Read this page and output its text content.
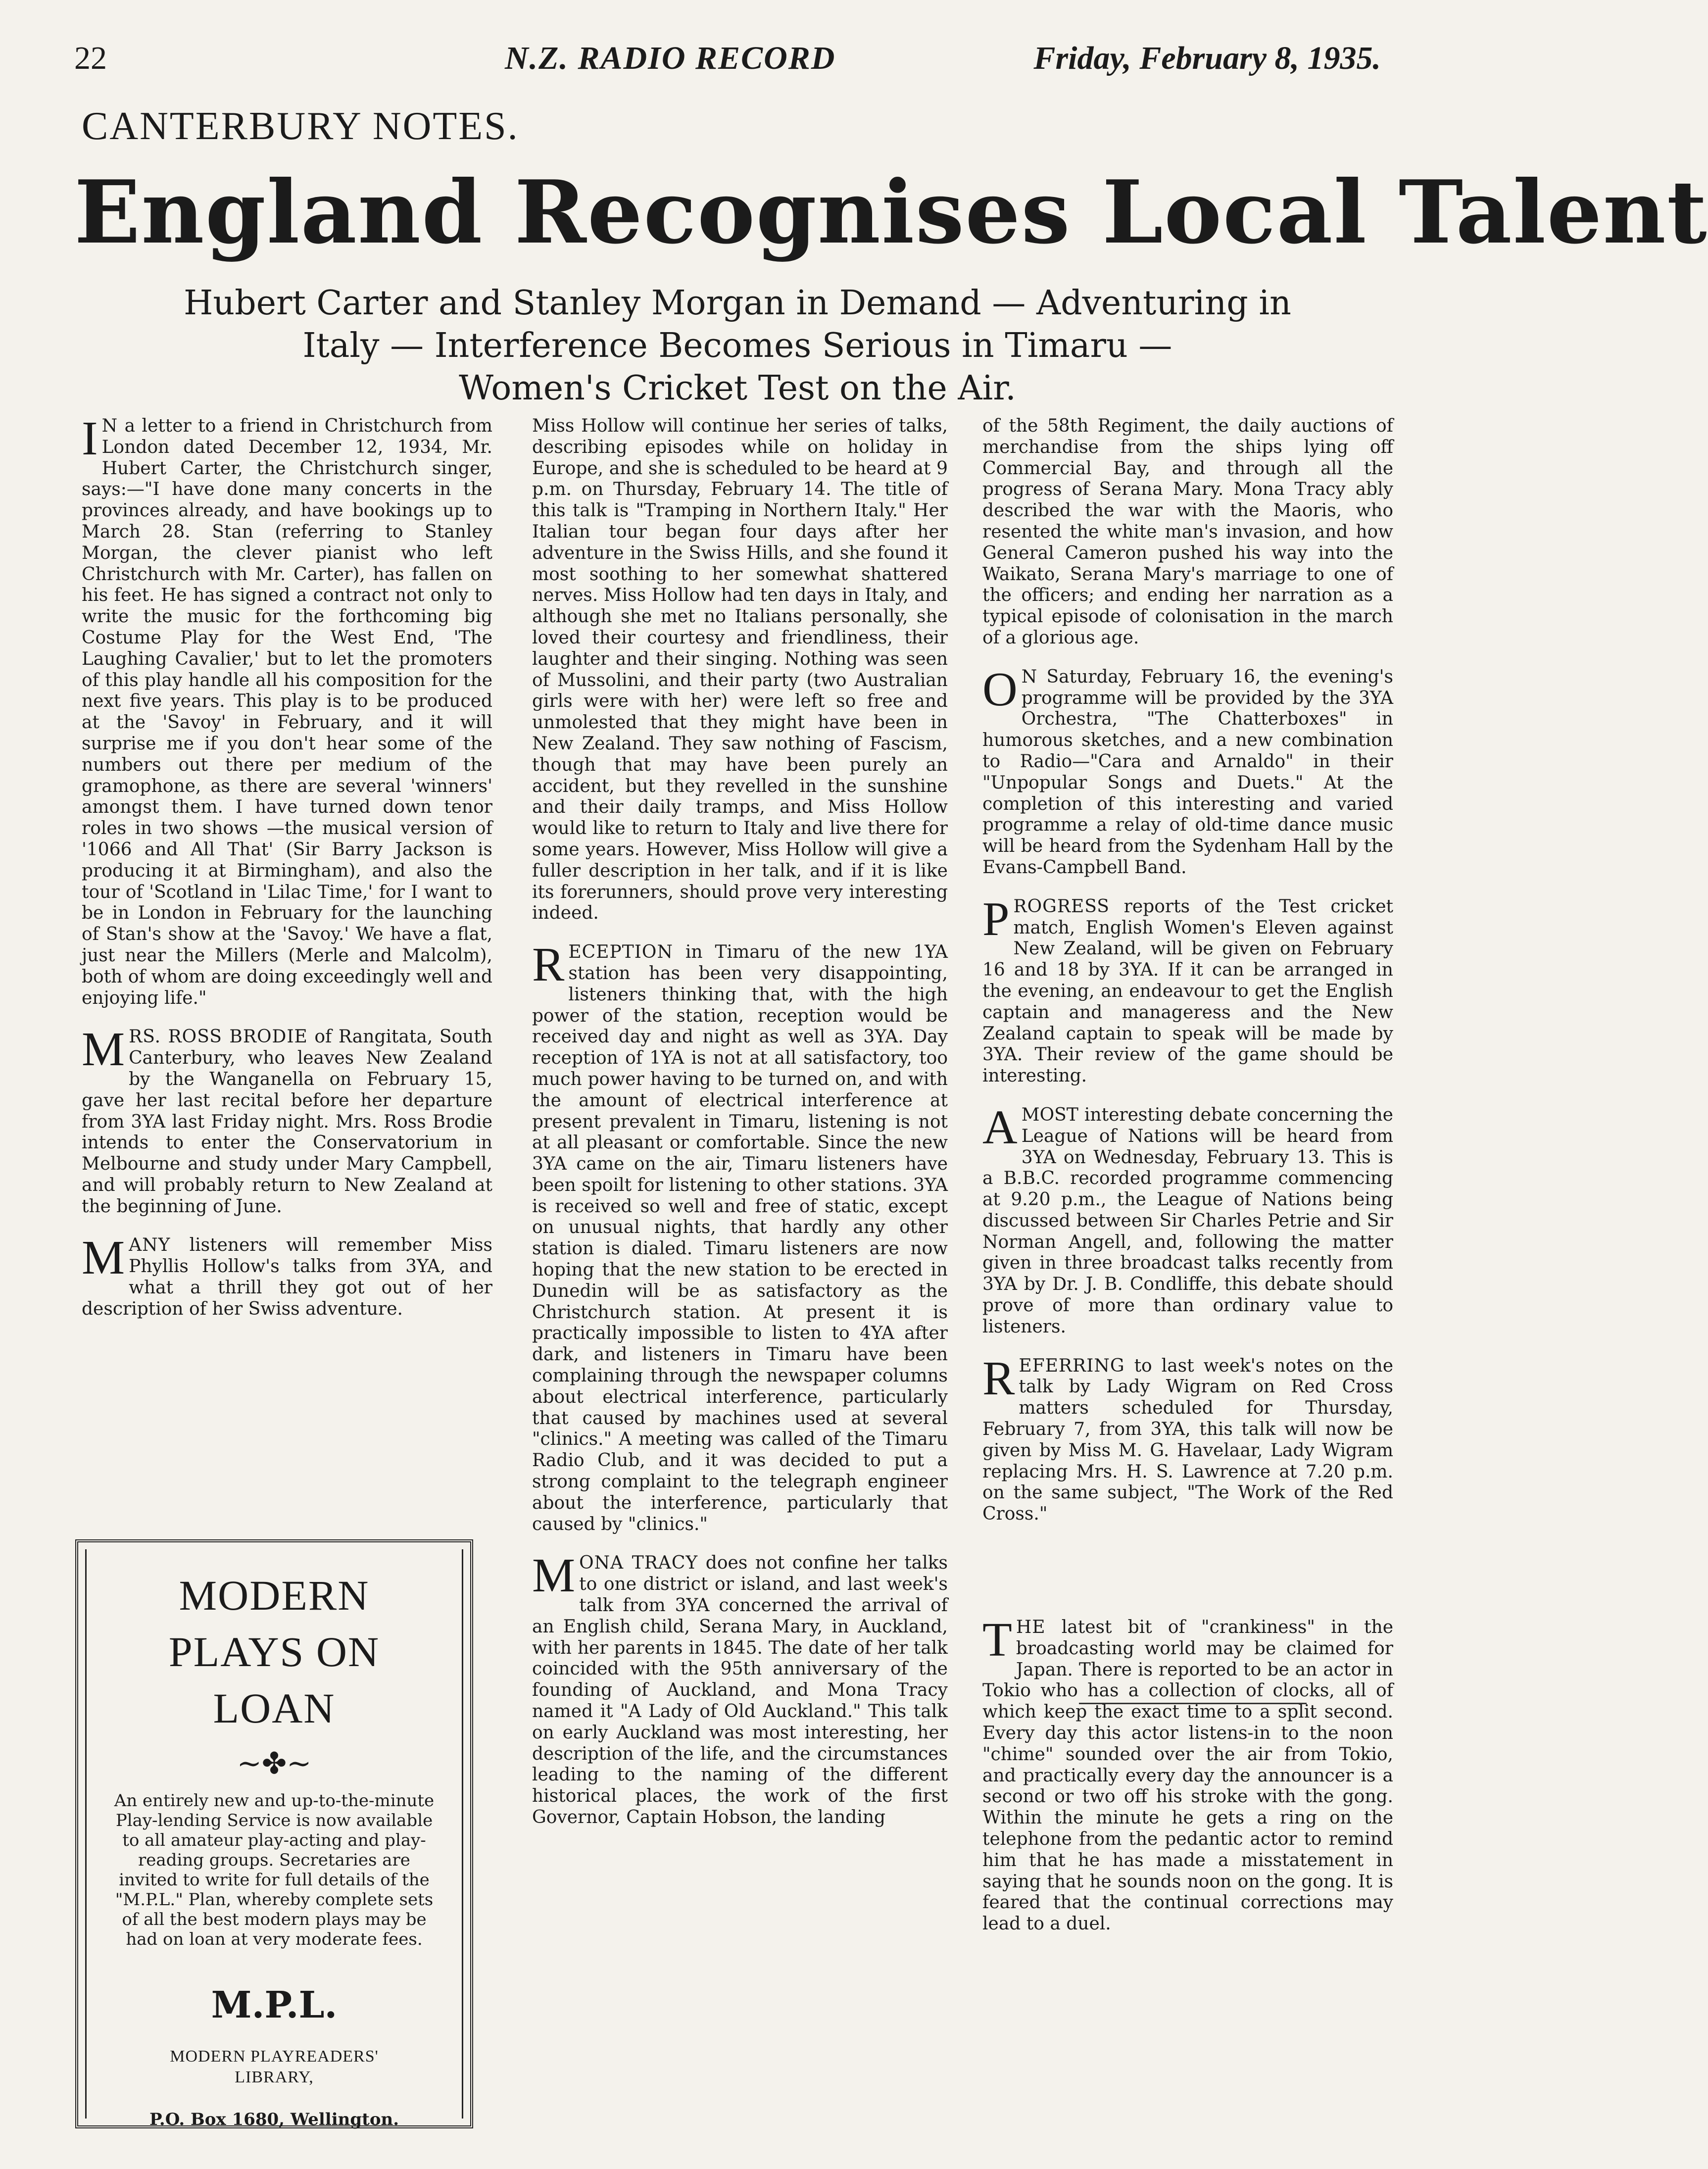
22	N.Z. RADIO RECORD	Friday, February 8, 1935.
CANTERBURY NOTES.
England Recognises Local Talent
Hubert Carter and Stanley Morgan in Demand — Adventuring in
Italy — Interference Becomes Serious in Timaru —
Women's Cricket Test on the Air.

I N a letter to a friend in Christchurch from London dated December 12, 1934, Mr. Hubert Carter, the Christchurch singer, says:—"I have done many concerts in the provinces already, and have bookings up to March 28. Stan (referring to Stanley Morgan, the clever pianist who left Christchurch with Mr. Carter), has fallen on his feet. He has signed a contract not only to write the music for the forthcoming big Costume Play for the West End, 'The Laughing Cavalier,' but to let the promoters of this play handle all his composition for the next five years. This play is to be produced at the 'Savoy' in February, and it will surprise me if you don't hear some of the numbers out there per medium of the gramophone, as there are several 'winners' amongst them. I have turned down tenor roles in two shows —the musical version of '1066 and All That' (Sir Barry Jackson is producing it at Birmingham), and also the tour of 'Scotland in 'Lilac Time,' for I want to be in London in February for the launching of Stan's show at the 'Savoy.' We have a flat, just near the Millers (Merle and Malcolm), both of whom are doing exceedingly well and enjoying life."

MRS. ROSS BRODIE of Rangitata, South Canterbury, who leaves New Zealand by the Wanganella on February 15, gave her last recital before her departure from 3YA last Friday night. Mrs. Ross Brodie intends to enter the Conservatorium in Melbourne and study under Mary Campbell, and will probably return to New Zealand at the beginning of June.

MANY listeners will remember Miss Phyllis Hollow's talks from 3YA, and what a thrill they got out of her description of her Swiss adventure.

MODERN
PLAYS ON
LOAN
~✤~
An entirely new and up-to-the-minute Play-lending Service is now available to all amateur play-acting and play-reading groups. Secretaries are invited to write for full details of the "M.P.L." Plan, whereby complete sets of all the best modern plays may be had on loan at very moderate fees.
M.P.L.
MODERN PLAYREADERS'
LIBRARY,
P.O. Box 1680, Wellington.

Miss Hollow will continue her series of talks, describing episodes while on holiday in Europe, and she is scheduled to be heard at 9 p.m. on Thursday, February 14. The title of this talk is "Tramping in Northern Italy." Her Italian tour began four days after her adventure in the Swiss Hills, and she found it most soothing to her somewhat shattered nerves. Miss Hollow had ten days in Italy, and although she met no Italians personally, she loved their courtesy and friendliness, their laughter and their singing. Nothing was seen of Mussolini, and their party (two Australian girls were with her) were left so free and unmolested that they might have been in New Zealand. They saw nothing of Fascism, though that may have been purely an accident, but they revelled in the sunshine and their daily tramps, and Miss Hollow would like to return to Italy and live there for some years. However, Miss Hollow will give a fuller description in her talk, and if it is like its forerunners, should prove very interesting indeed.

RECEPTION in Timaru of the new 1YA station has been very disappointing, listeners thinking that, with the high power of the station, reception would be received day and night as well as 3YA. Day reception of 1YA is not at all satisfactory, too much power having to be turned on, and with the amount of electrical interference at present prevalent in Timaru, listening is not at all pleasant or comfortable. Since the new 3YA came on the air, Timaru listeners have been spoilt for listening to other stations. 3YA is received so well and free of static, except on unusual nights, that hardly any other station is dialed. Timaru listeners are now hoping that the new station to be erected in Dunedin will be as satisfactory as the Christchurch station. At present it is practically impossible to listen to 4YA after dark, and listeners in Timaru have been complaining through the newspaper columns about electrical interference, particularly that caused by machines used at several "clinics." A meeting was called of the Timaru Radio Club, and it was decided to put a strong complaint to the telegraph engineer about the interference, particularly that caused by "clinics."

MONA TRACY does not confine her talks to one district or island, and last week's talk from 3YA concerned the arrival of an English child, Serana Mary, in Auckland, with her parents in 1845. The date of her talk coincided with the 95th anniversary of the founding of Auckland, and Mona Tracy named it "A Lady of Old Auckland." This talk on early Auckland was most interesting, her description of the life, and the circumstances leading to the naming of the different historical places, the work of the first Governor, Captain Hobson, the landing

of the 58th Regiment, the daily auctions of merchandise from the ships lying off Commercial Bay, and through all the progress of Serana Mary. Mona Tracy ably described the war with the Maoris, who resented the white man's invasion, and how General Cameron pushed his way into the Waikato, Serana Mary's marriage to one of the officers; and ending her narration as a typical episode of colonisation in the march of a glorious age.

O N Saturday, February 16, the evening's programme will be provided by the 3YA Orchestra, "The Chatterboxes" in humorous sketches, and a new combination to Radio—"Cara and Arnaldo" in their "Unpopular Songs and Duets." At the completion of this interesting and varied programme a relay of old-time dance music will be heard from the Sydenham Hall by the Evans-Campbell Band.

PROGRESS reports of the Test cricket match, English Women's Eleven against New Zealand, will be given on February 16 and 18 by 3YA. If it can be arranged in the evening, an endeavour to get the English captain and manageress and the New Zealand captain to speak will be made by 3YA. Their review of the game should be interesting.

A MOST interesting debate concerning the League of Nations will be heard from 3YA on Wednesday, February 13. This is a B.B.C. recorded programme commencing at 9.20 p.m., the League of Nations being discussed between Sir Charles Petrie and Sir Norman Angell, and, following the matter given in three broadcast talks recently from 3YA by Dr. J. B. Condliffe, this debate should prove of more than ordinary value to listeners.

REFERRING to last week's notes on the talk by Lady Wigram on Red Cross matters scheduled for Thursday, February 7, from 3YA, this talk will now be given by Miss M. G. Havelaar, Lady Wigram replacing Mrs. H. S. Lawrence at 7.20 p.m. on the same subject, "The Work of the Red Cross."

THE latest bit of "crankiness" in the broadcasting world may be claimed for Japan. There is reported to be an actor in Tokio who has a collection of clocks, all of which keep the exact time to a split second. Every day this actor listens-in to the noon "chime" sounded over the air from Tokio, and practically every day the announcer is a second or two off his stroke with the gong. Within the minute he gets a ring on the telephone from the pedantic actor to remind him that he has made a misstatement in saying that he sounds noon on the gong. It is feared that the continual corrections may lead to a duel.
